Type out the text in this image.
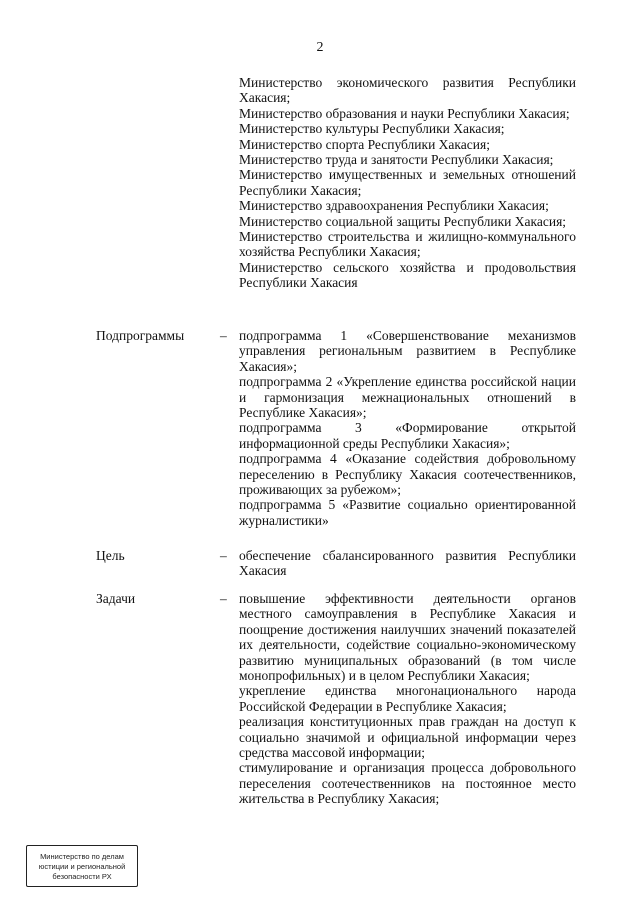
2

Министерство экономического развития Республики Хакасия;

Министерство образования и науки Республики Хакасия;

Министерство культуры Республики Хакасия;

Министерство спорта Республики Хакасия;

Министерство труда и занятости Республики Хакасия;

Министерство имущественных и земельных отношений Республики Хакасия;

Министерство здравоохранения Республики Хакасия;

Министерство социальной защиты Республики Хакасия;

Министерство строительства и жилищно-коммунального хозяйства Республики Хакасия;

Министерство сельского хозяйства и продовольствия Республики Хакасия

Подпрограммы	– подпрограмма 1 «Совершенствование механизмов управления региональным развитием в Республике Хакасия»;

подпрограмма 2 «Укрепление единства российской нации и гармонизация межнациональных отношений в Республике Хакасия»;

подпрограмма 3 «Формирование открытой информационной среды Республики Хакасия»;

подпрограмма 4 «Оказание содействия добровольному переселению в Республику Хакасия соотечественников, проживающих за рубежом»;

подпрограмма 5 «Развитие социально ориентированной журналистики»

Цель	– обеспечение сбалансированного развития Республики Хакасия

Задачи	– повышение эффективности деятельности органов местного самоуправления в Республике Хакасия и поощрение достижения наилучших значений показателей их деятельности, содействие социально-экономическому развитию муниципальных образований (в том числе монопрофильных) и в целом Республики Хакасия;

укрепление единства многонационального народа Российской Федерации в Республике Хакасия;

реализация конституционных прав граждан на доступ к социально значимой и официальной информации через средства массовой информации;

стимулирование и организация процесса добровольного переселения соотечественников на постоянное место жительства в Республику Хакасия;

Министерство по делам
юстиции и региональной
безопасности РХ
